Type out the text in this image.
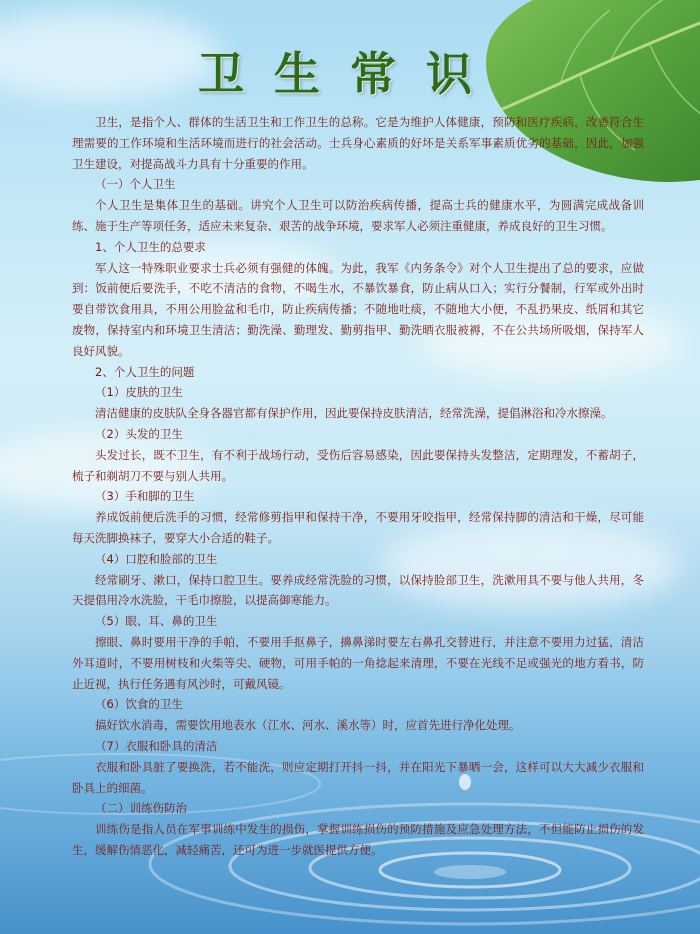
卫生常识

卫生，是指个人、群体的生活卫生和工作卫生的总称。它是为维护人体健康，预防和医疗疾病，改善符合生理需要的工作环境和生活环境而进行的社会活动。士兵身心素质的好坏是关系军事素质优劣的基础，因此，加强卫生建设，对提高战斗力具有十分重要的作用。

（一）个人卫生

个人卫生是集体卫生的基础。讲究个人卫生可以防治疾病传播，提高士兵的健康水平，为圆满完成战备训练、施于生产等项任务，适应未来复杂、艰苦的战争环境，要求军人必须注重健康，养成良好的卫生习惯。

1、个人卫生的总要求

军人这一特殊职业要求士兵必须有强健的体魄。为此，我军《内务条令》对个人卫生提出了总的要求，应做到：饭前便后要洗手，不吃不清洁的食物，不喝生水，不暴饮暴食，防止病从口入；实行分餐制，行军或外出时要自带饮食用具，不用公用脸盆和毛巾，防止疾病传播；不随地吐痰，不随地大小便，不乱扔果皮、纸屑和其它废物，保持室内和环境卫生清洁；勤洗澡、勤理发、勤剪指甲、勤洗晒衣服被褥，不在公共场所吸烟，保持军人良好风貌。

2、个人卫生的问题

（1）皮肤的卫生

清洁健康的皮肤队全身各器官都有保护作用，因此要保持皮肤清洁，经常洗澡，提倡淋浴和冷水擦澡。

（2）头发的卫生

头发过长，既不卫生，有不利于战场行动，受伤后容易感染，因此要保持头发整洁，定期理发，不蓄胡子，梳子和剃胡刀不要与别人共用。

（3）手和脚的卫生

养成饭前便后洗手的习惯，经常修剪指甲和保持干净，不要用牙咬指甲，经常保持脚的清洁和干燥，尽可能每天洗脚换袜子，要穿大小合适的鞋子。

（4）口腔和脸部的卫生

经常刷牙、漱口，保持口腔卫生。要养成经常洗脸的习惯，以保持脸部卫生，洗漱用具不要与他人共用，冬天提倡用冷水洗脸，干毛巾擦脸，以提高御寒能力。

（5）眼、耳、鼻的卫生

擦眼、鼻时要用干净的手帕，不要用手抠鼻子，擤鼻涕时要左右鼻孔交替进行，并注意不要用力过猛，清洁外耳道时，不要用树枝和火柴等尖、硬物，可用手帕的一角捻起来清理，不要在光线不足或强光的地方看书，防止近视，执行任务遇有风沙时，可戴风镜。

（6）饮食的卫生

搞好饮水消毒，需要饮用地表水（江水、河水、溪水等）时，应首先进行净化处理。

（7）衣服和卧具的清洁

衣服和卧具脏了要换洗，若不能洗，则应定期打开抖一抖，并在阳光下暴晒一会，这样可以大大减少衣服和卧具上的细菌。

（二）训练伤防治

训练伤是指人员在军事训练中发生的损伤，掌握训练损伤的预防措施及应急处理方法，不但能防止损伤的发生，缓解伤情恶化，减轻痛苦，还可为进一步就医提供方便。
